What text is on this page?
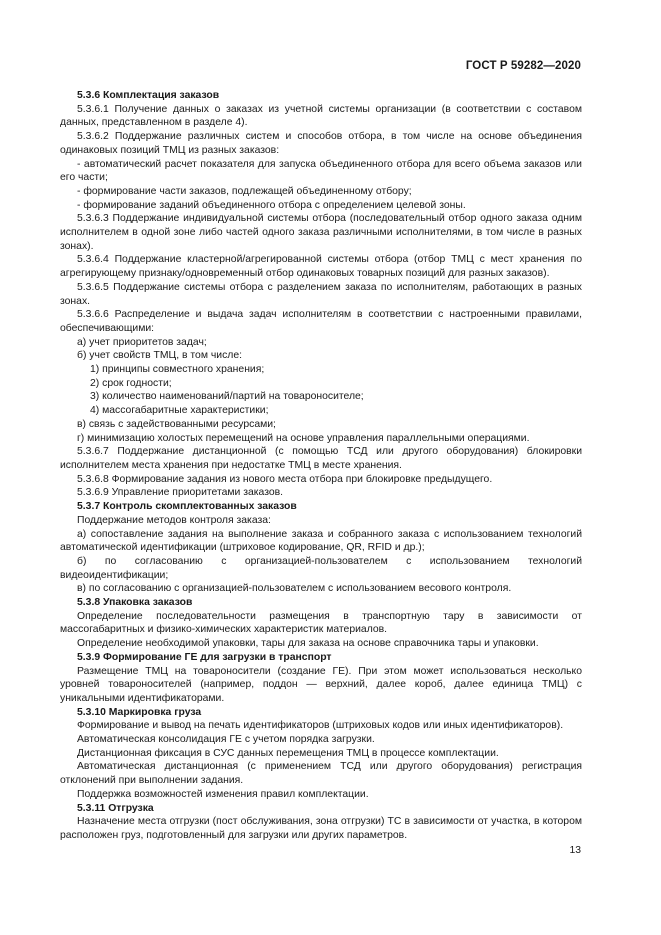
ГОСТ Р 59282—2020

5.3.6 Комплектация заказов

5.3.6.1 Получение данных о заказах из учетной системы организации (в соответствии с составом данных, представленном в разделе 4).

5.3.6.2 Поддержание различных систем и способов отбора, в том числе на основе объединения одинаковых позиций ТМЦ из разных заказов:

- автоматический расчет показателя для запуска объединенного отбора для всего объема заказов или его части;

- формирование части заказов, подлежащей объединенному отбору;

- формирование заданий объединенного отбора с определением целевой зоны.

5.3.6.3 Поддержание индивидуальной системы отбора (последовательный отбор одного заказа одним исполнителем в одной зоне либо частей одного заказа различными исполнителями, в том числе в разных зонах).

5.3.6.4 Поддержание кластерной/агрегированной системы отбора (отбор ТМЦ с мест хранения по агрегирующему признаку/одновременный отбор одинаковых товарных позиций для разных заказов).

5.3.6.5 Поддержание системы отбора с разделением заказа по исполнителям, работающих в разных зонах.

5.3.6.6 Распределение и выдача задач исполнителям в соответствии с настроенными правилами, обеспечивающими:

а) учет приоритетов задач;

б) учет свойств ТМЦ, в том числе:

1) принципы совместного хранения;

2) срок годности;

3) количество наименований/партий на товароносителе;

4) массогабаритные характеристики;

в) связь с задействованными ресурсами;

г) минимизацию холостых перемещений на основе управления параллельными операциями.

5.3.6.7 Поддержание дистанционной (с помощью ТСД или другого оборудования) блокировки исполнителем места хранения при недостатке ТМЦ в месте хранения.

5.3.6.8 Формирование задания из нового места отбора при блокировке предыдущего.

5.3.6.9 Управление приоритетами заказов.

5.3.7 Контроль скомплектованных заказов

Поддержание методов контроля заказа:

а) сопоставление задания на выполнение заказа и собранного заказа с использованием технологий автоматической идентификации (штриховое кодирование, QR, RFID и др.);

б) по согласованию с организацией-пользователем с использованием технологий видеоидентификации;

в) по согласованию с организацией-пользователем с использованием весового контроля.

5.3.8 Упаковка заказов

Определение последовательности размещения в транспортную тару в зависимости от массогабаритных и физико-химических характеристик материалов.

Определение необходимой упаковки, тары для заказа на основе справочника тары и упаковки.

5.3.9 Формирование ГЕ для загрузки в транспорт

Размещение ТМЦ на товароносители (создание ГЕ). При этом может использоваться несколько уровней товароносителей (например, поддон — верхний, далее короб, далее единица ТМЦ) с уникальными идентификаторами.

5.3.10 Маркировка груза

Формирование и вывод на печать идентификаторов (штриховых кодов или иных идентификаторов).

Автоматическая консолидация ГЕ с учетом порядка загрузки.

Дистанционная фиксация в СУС данных перемещения ТМЦ в процессе комплектации.

Автоматическая дистанционная (с применением ТСД или другого оборудования) регистрация отклонений при выполнении задания.

Поддержка возможностей изменения правил комплектации.

5.3.11 Отгрузка

Назначение места отгрузки (пост обслуживания, зона отгрузки) ТС в зависимости от участка, в котором расположен груз, подготовленный для загрузки или других параметров.

13
